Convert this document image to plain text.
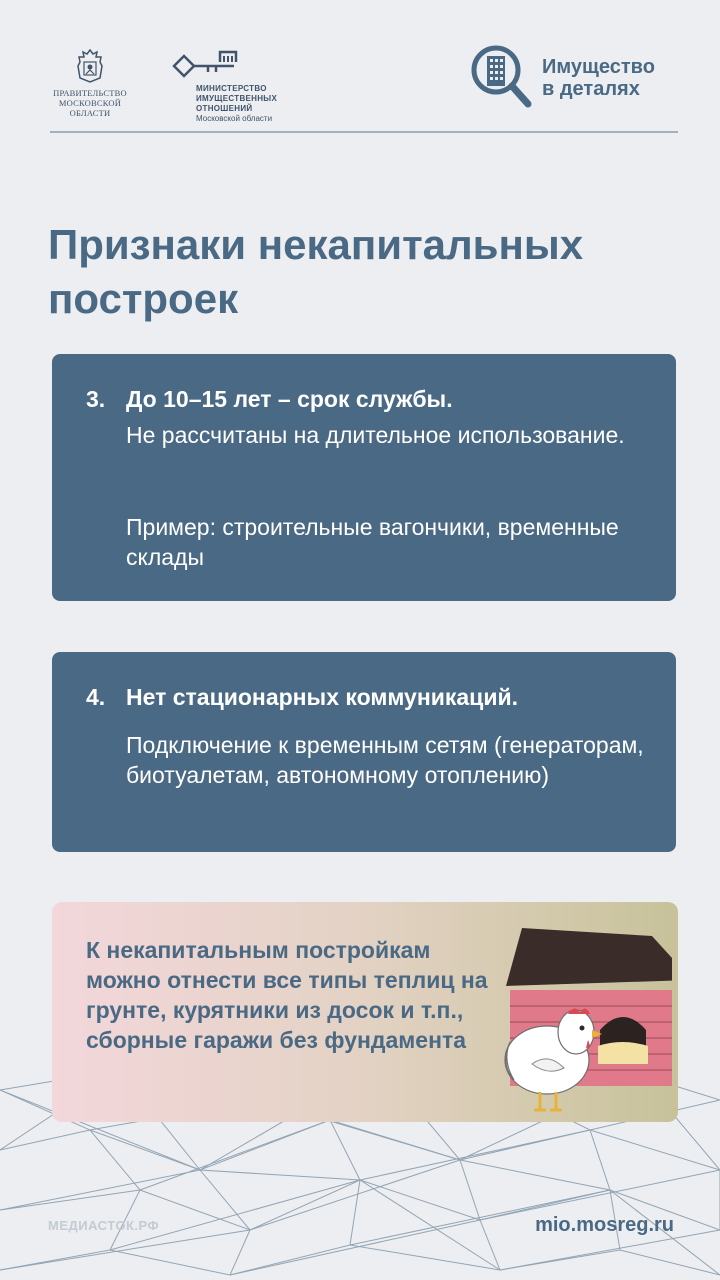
ПРАВИТЕЛЬСТВО
МОСКОВСКОЙ
ОБЛАСТИ
МИНИСТЕРСТВО
ИМУЩЕСТВЕННЫХ
ОТНОШЕНИЙ
Московской области
Имущество
в деталях
Признаки некапитальных
построек
3. До 10–15 лет – срок службы.
Не рассчитаны на длительное использование.
Пример: строительные вагончики, временные склады
4. Нет стационарных коммуникаций.
Подключение к временным сетям (генераторам, биотуалетам, автономному отоплению)
К некапитальным постройкам можно отнести все типы теплиц на грунте, курятники из досок и т.п., сборные гаражи без фундамента
МЕДИАСТОК.РФ	mio.mosreg.ru
